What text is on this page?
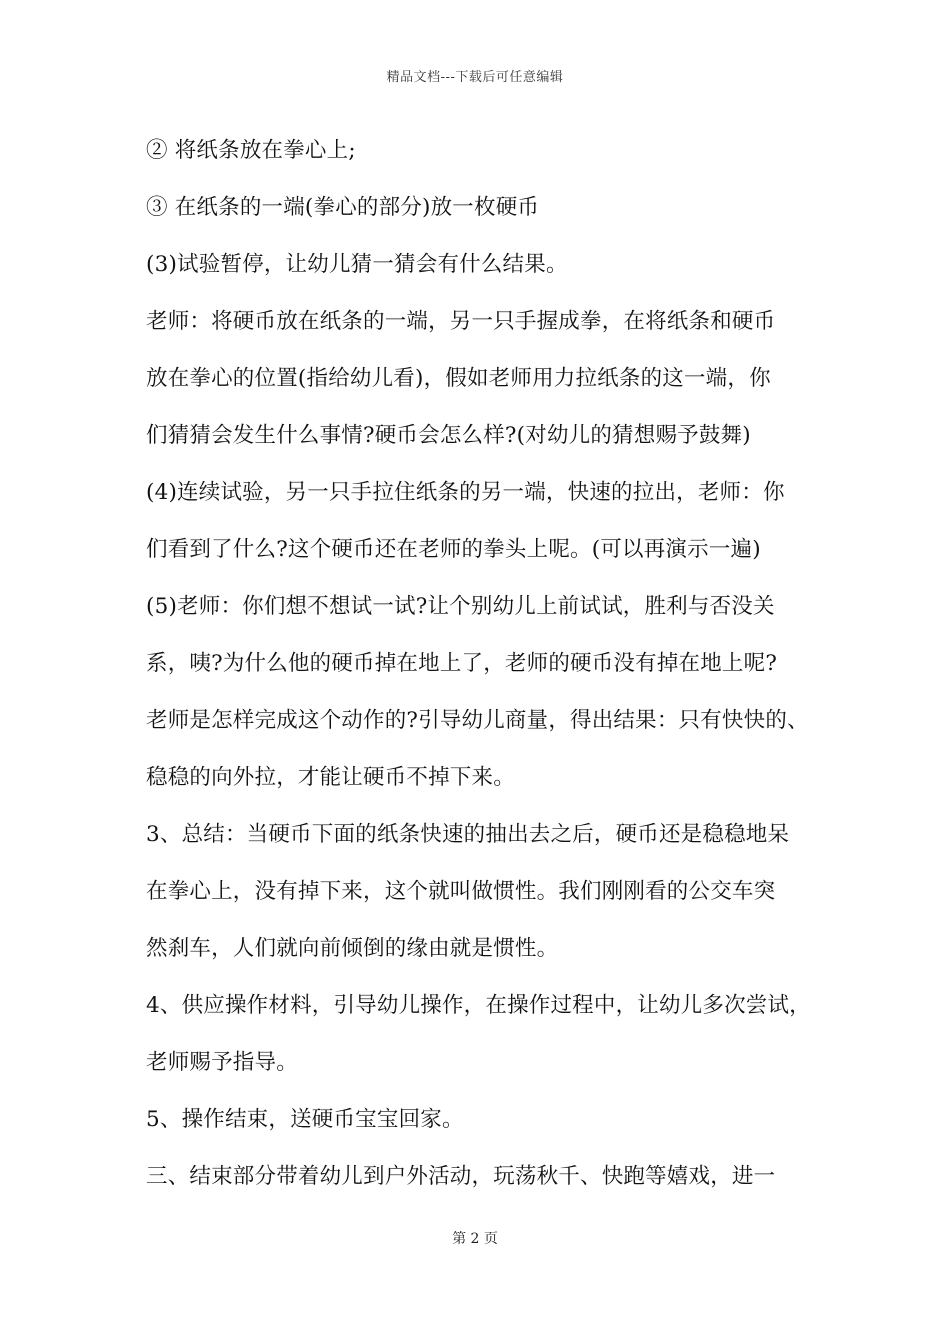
精品文档---下载后可任意编辑
② 将纸条放在拳心上;
③ 在纸条的一端(拳心的部分)放一枚硬币
(3)试验暂停，让幼儿猜一猜会有什么结果。
老师：将硬币放在纸条的一端，另一只手握成拳，在将纸条和硬币
放在拳心的位置(指给幼儿看)，假如老师用力拉纸条的这一端，你
们猜猜会发生什么事情?硬币会怎么样?(对幼儿的猜想赐予鼓舞)
(4)连续试验，另一只手拉住纸条的另一端，快速的拉出，老师：你
们看到了什么?这个硬币还在老师的拳头上呢。(可以再演示一遍)
(5)老师：你们想不想试一试?让个别幼儿上前试试，胜利与否没关
系，咦?为什么他的硬币掉在地上了，老师的硬币没有掉在地上呢?
老师是怎样完成这个动作的?引导幼儿商量，得出结果：只有快快的、
稳稳的向外拉，才能让硬币不掉下来。
3、总结：当硬币下面的纸条快速的抽出去之后，硬币还是稳稳地呆
在拳心上，没有掉下来，这个就叫做惯性。我们刚刚看的公交车突
然刹车，人们就向前倾倒的缘由就是惯性。
4、供应操作材料，引导幼儿操作，在操作过程中，让幼儿多次尝试，
老师赐予指导。
5、操作结束，送硬币宝宝回家。
三、结束部分带着幼儿到户外活动，玩荡秋千、快跑等嬉戏，进一
第 2 页
